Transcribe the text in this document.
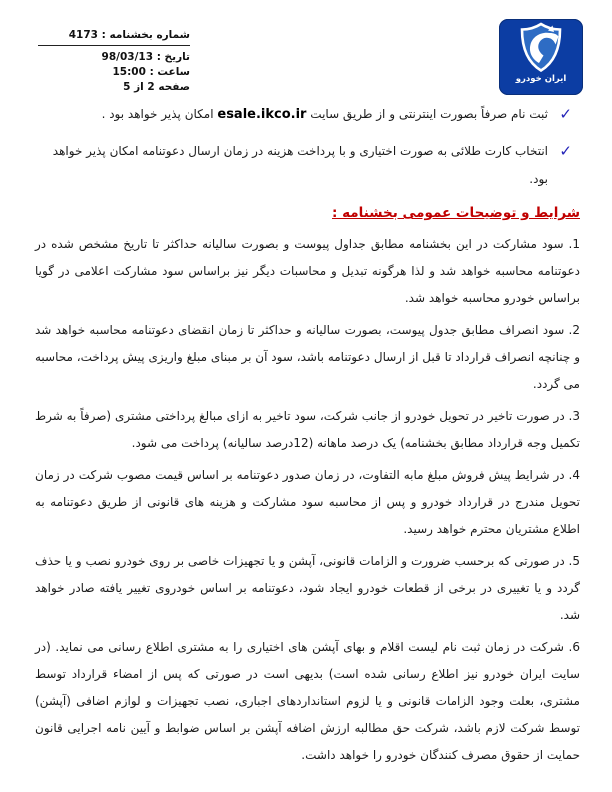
شماره بخشنامه : 4173
تاریخ : 98/03/13
ساعت : 15:00
صفحه 2 از 5
ایران خودرو
✓
ثبت نام صرفاً بصورت اینترنتی و از طریق سایت esale.ikco.ir امکان پذیر خواهد بود .
✓
انتخاب کارت طلائی به صورت اختیاری و با پرداخت هزینه در زمان ارسال دعوتنامه امکان پذیر خواهد بود.
شرایط و توضیحات عمومی بخشنامه :

1. سود مشارکت در این بخشنامه مطابق جداول پیوست و بصورت سالیانه حداکثر تا تاریخ مشخص شده در دعوتنامه محاسبه خواهد شد و لذا هرگونه تبدیل و محاسبات دیگر نیز براساس سود مشارکت اعلامی در گویا براساس خودرو محاسبه خواهد شد.

2. سود انصراف مطابق جدول پیوست، بصورت سالیانه و حداکثر تا زمان انقضای دعوتنامه محاسبه خواهد شد و چنانچه انصراف قرارداد تا قبل از ارسال دعوتنامه باشد، سود آن بر مبنای مبلغ واریزی پیش پرداخت، محاسبه می گردد.

3. در صورت تاخیر در تحویل خودرو از جانب شرکت، سود تاخیر به ازای مبالغ پرداختی مشتری (صرفاً به شرط تکمیل وجه قرارداد مطابق بخشنامه) یک درصد ماهانه (12درصد سالیانه) پرداخت می شود.

4. در شرایط پیش فروش مبلغ مابه التفاوت، در زمان صدور دعوتنامه بر اساس قیمت مصوب شرکت در زمان تحویل مندرج در قرارداد خودرو و پس از محاسبه سود مشارکت و هزینه های قانونی از طریق دعوتنامه به اطلاع مشتریان محترم خواهد رسید.

5. در صورتی که برحسب ضرورت و الزامات قانونی، آپشن و یا تجهیزات خاصی بر روی خودرو نصب و یا حذف گردد و یا تغییری در برخی از قطعات خودرو ایجاد شود، دعوتنامه بر اساس خودروی تغییر یافته صادر خواهد شد.

6. شرکت در زمان ثبت نام لیست اقلام و بهای آپشن های اختیاری را به مشتری اطلاع رسانی می نماید. (در سایت ایران خودرو نیز اطلاع رسانی شده است) بدیهی است در صورتی که پس از امضاء قرارداد توسط مشتری، بعلت وجود الزامات قانونی و یا لزوم استانداردهای اجباری، نصب تجهیزات و لوازم اضافی (آپشن) توسط شرکت لازم باشد، شرکت حق مطالبه ارزش اضافه آپشن بر اساس ضوابط و آیین نامه اجرایی قانون حمایت از حقوق مصرف کنندگان خودرو را خواهد داشت.
